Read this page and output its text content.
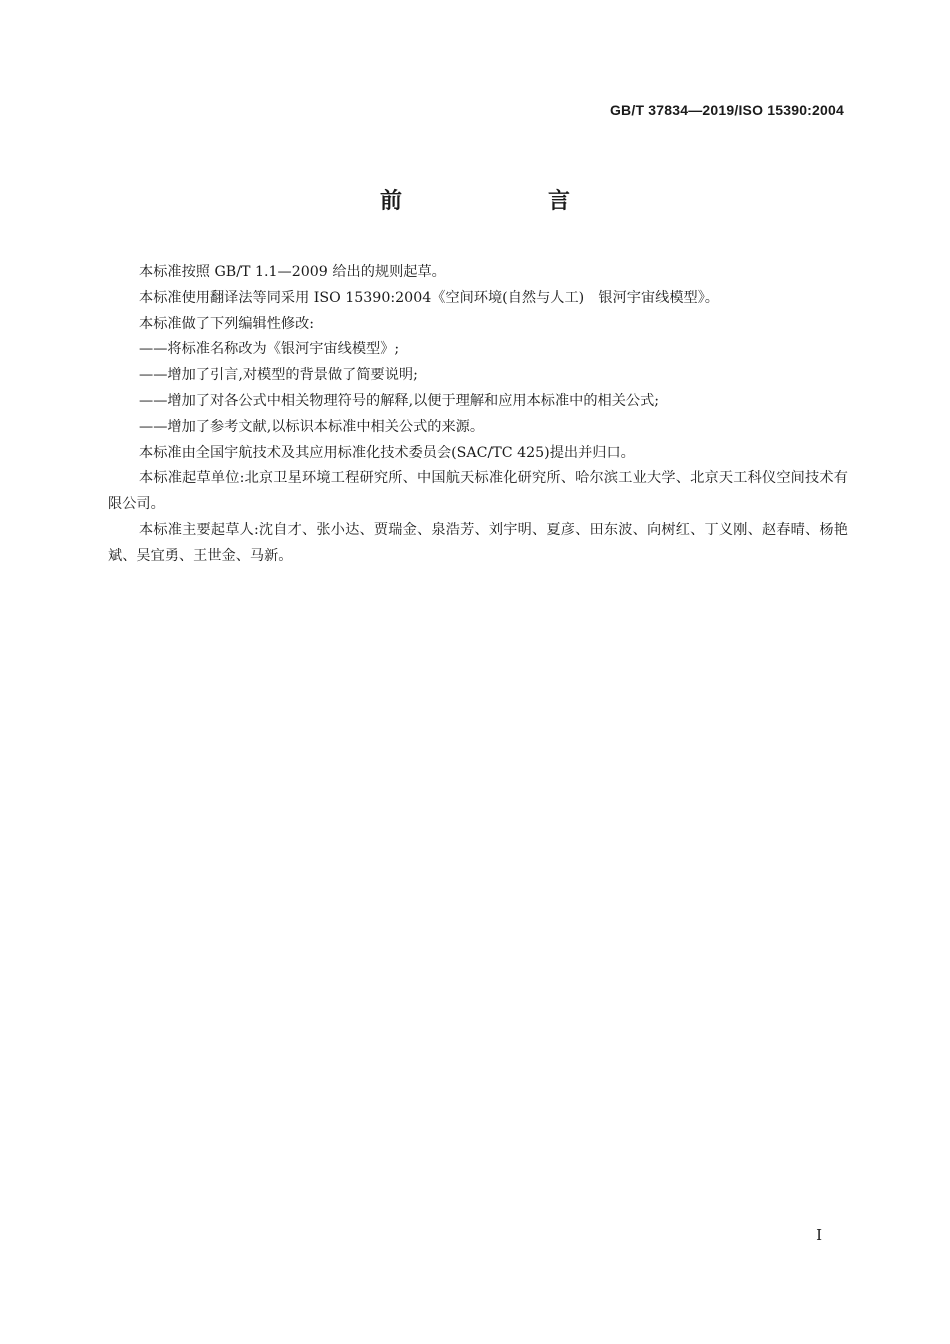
GB/T 37834—2019/ISO 15390:2004
前　言

本标准按照 GB/T 1.1—2009 给出的规则起草。

本标准使用翻译法等同采用 ISO 15390:2004《空间环境(自然与人工)　银河宇宙线模型》。

本标准做了下列编辑性修改:

——将标准名称改为《银河宇宙线模型》;

——增加了引言,对模型的背景做了简要说明;

——增加了对各公式中相关物理符号的解释,以便于理解和应用本标准中的相关公式;

——增加了参考文献,以标识本标准中相关公式的来源。

本标准由全国宇航技术及其应用标准化技术委员会(SAC/TC 425)提出并归口。

本标准起草单位:北京卫星环境工程研究所、中国航天标准化研究所、哈尔滨工业大学、北京天工科仪空间技术有限公司。

本标准主要起草人:沈自才、张小达、贾瑞金、泉浩芳、刘宇明、夏彦、田东波、向树红、丁义刚、赵春晴、杨艳斌、吴宜勇、王世金、马新。

I
